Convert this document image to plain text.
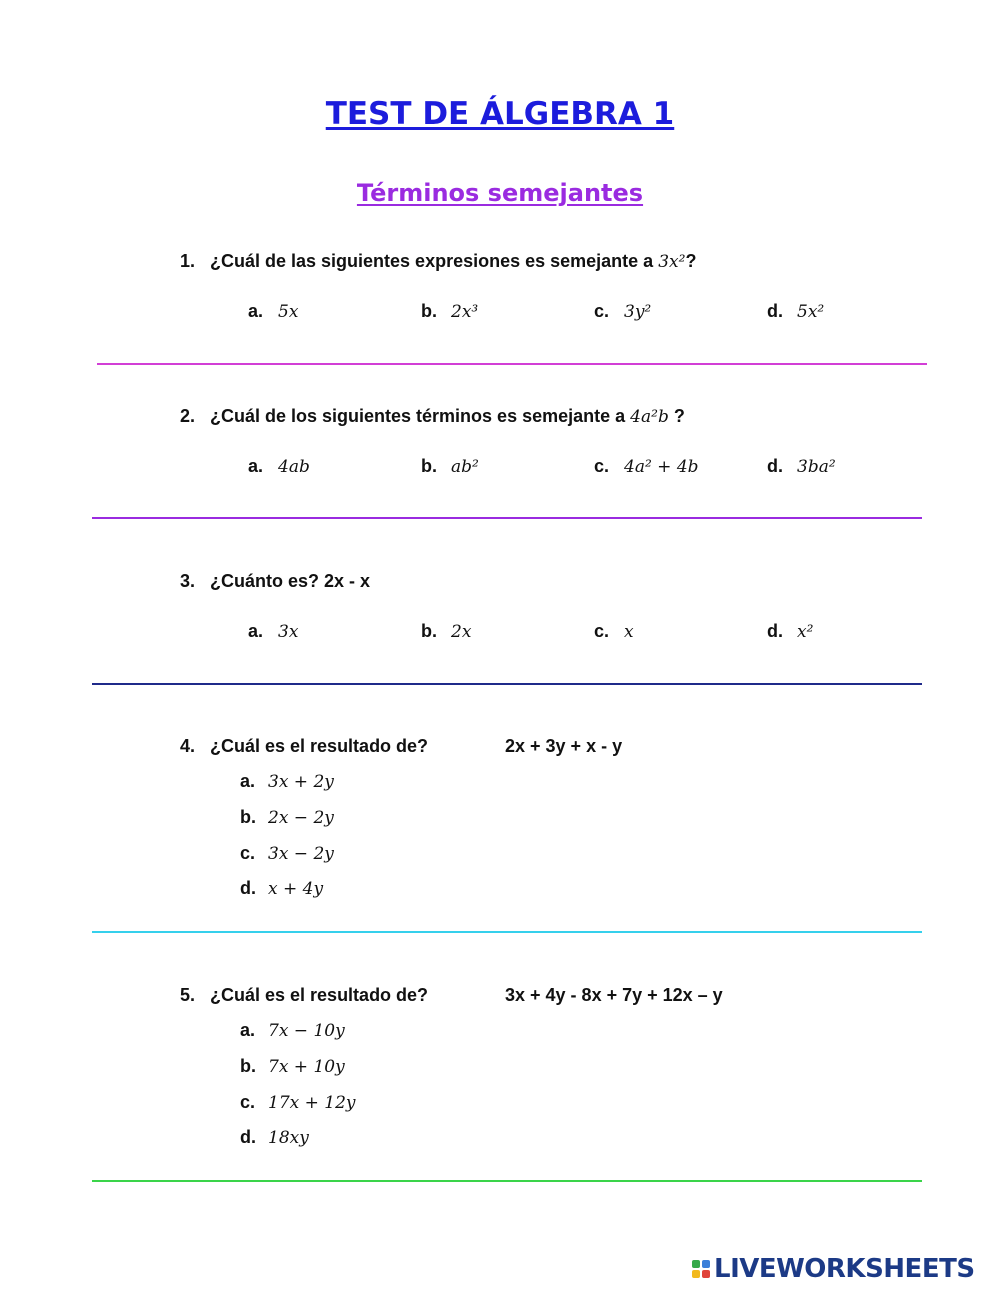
TEST DE ÁLGEBRA 1
Términos semejantes
1. ¿Cuál de las siguientes expresiones es semejante a 3x²?
a. 5x	b. 2x³	c. 3y²	d. 5x²
2. ¿Cuál de los siguientes términos es semejante a 4a²b ?
a. 4ab	b. ab²	c. 4a² + 4b	d. 3ba²
3. ¿Cuánto es? 2x - x
a. 3x	b. 2x	c. x	d. x²
4. ¿Cuál es el resultado de?	2x + 3y + x - y
a. 3x + 2y
b. 2x − 2y
c. 3x − 2y
d. x + 4y
5. ¿Cuál es el resultado de?	3x + 4y - 8x + 7y + 12x – y
a. 7x − 10y
b. 7x + 10y
c. 17x + 12y
d. 18xy
LIVEWORKSHEETS
